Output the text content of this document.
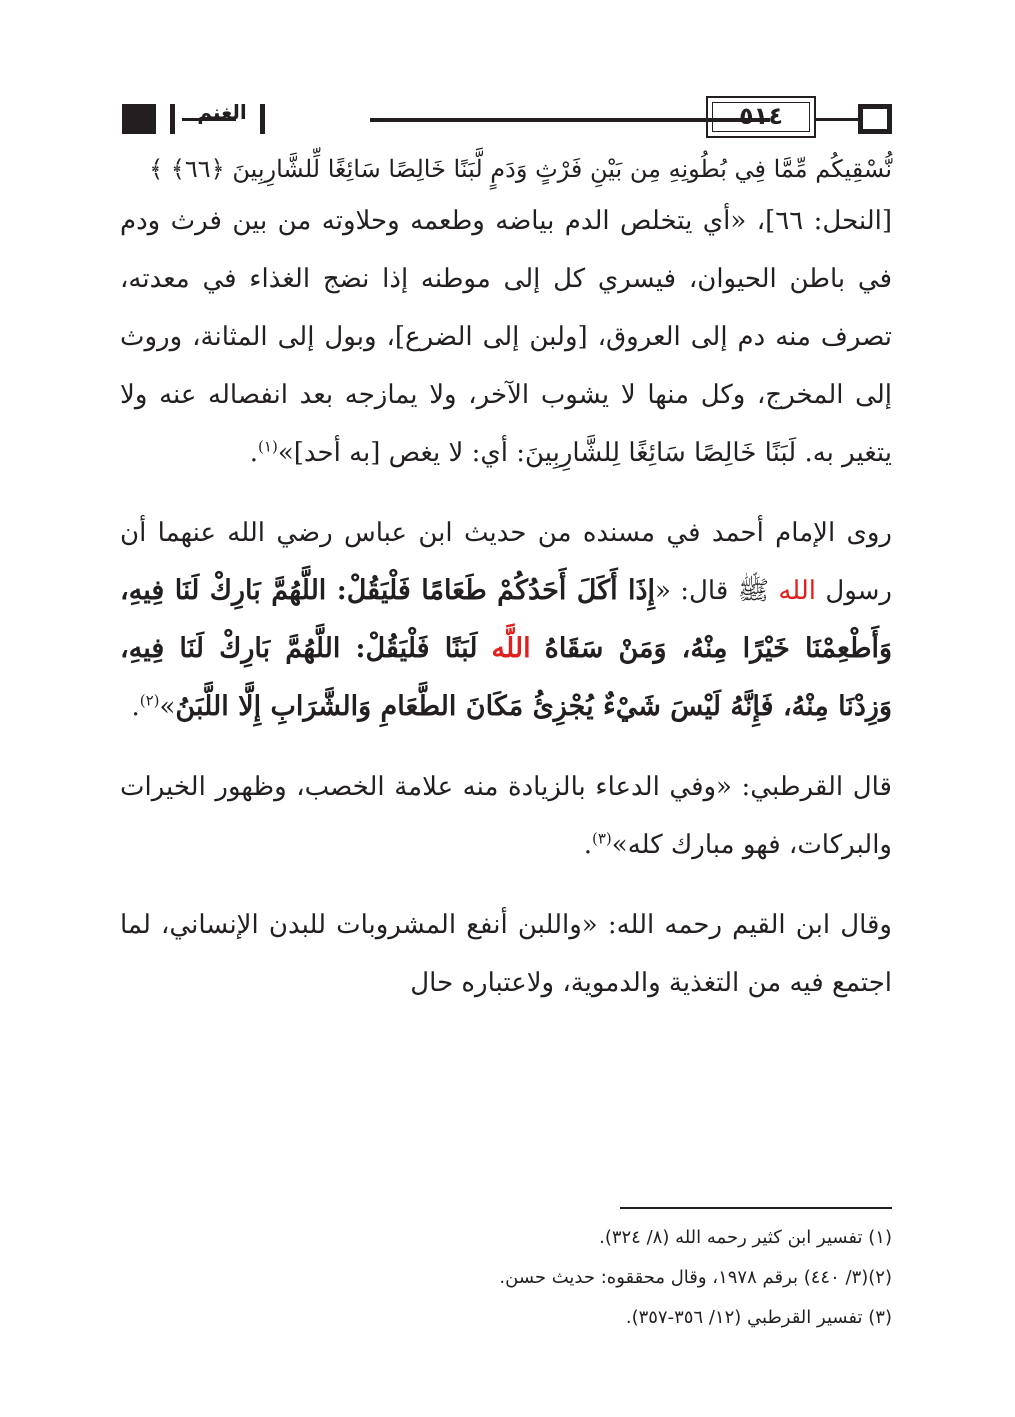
الغنم	٥١٤

نُّسْقِيكُم مِّمَّا فِي بُطُونِهِ مِن بَيْنِ فَرْثٍ وَدَمٍ لَّبَنًا خَالِصًا سَائِغًا لِّلشَّارِبِينَ ﴿٦٦﴾ ﴾

[النحل: ٦٦]، «أي يتخلص الدم بياضه وطعمه وحلاوته من بين فرث ودم في باطن الحيوان، فيسري كل إلى موطنه إذا نضج الغذاء في معدته، تصرف منه دم إلى العروق، [ولبن إلى الضرع]، وبول إلى المثانة، وروث إلى المخرج، وكل منها لا يشوب الآخر، ولا يمازجه بعد انفصاله عنه ولا يتغير به. لَبَنًا خَالِصًا سَائِغًا لِلشَّارِبِينَ: أي: لا يغص [به أحد]»$^{(١)}$.

روى الإمام أحمد في مسنده من حديث ابن عباس رضي الله عنهما أن رسول الله ﷺ قال: «إِذَا أَكَلَ أَحَدُكُمْ طَعَامًا فَلْيَقُلْ: اللَّهُمَّ بَارِكْ لَنَا فِيهِ، وَأَطْعِمْنَا خَيْرًا مِنْهُ، وَمَنْ سَقَاهُ اللَّه لَبَنًا فَلْيَقُلْ: اللَّهُمَّ بَارِكْ لَنَا فِيهِ، وَزِدْنَا مِنْهُ، فَإِنَّهُ لَيْسَ شَيْءٌ يُجْزِئُ مَكَانَ الطَّعَامِ وَالشَّرَابِ إِلَّا اللَّبَنُ»$^{(٢)}$.

قال القرطبي: «وفي الدعاء بالزيادة منه علامة الخصب، وظهور الخيرات والبركات، فهو مبارك كله»$^{(٣)}$.

وقال ابن القيم رحمه الله: «واللبن أنفع المشروبات للبدن الإنساني، لما اجتمع فيه من التغذية والدموية، ولاعتباره حال

(١) تفسير ابن كثير رحمه الله (٨/ ٣٢٤).
(٢)(٣/ ٤٤٠) برقم ١٩٧٨، وقال محققوه: حديث حسن.
(٣) تفسير القرطبي (١٢/ ٣٥٦-٣٥٧).
